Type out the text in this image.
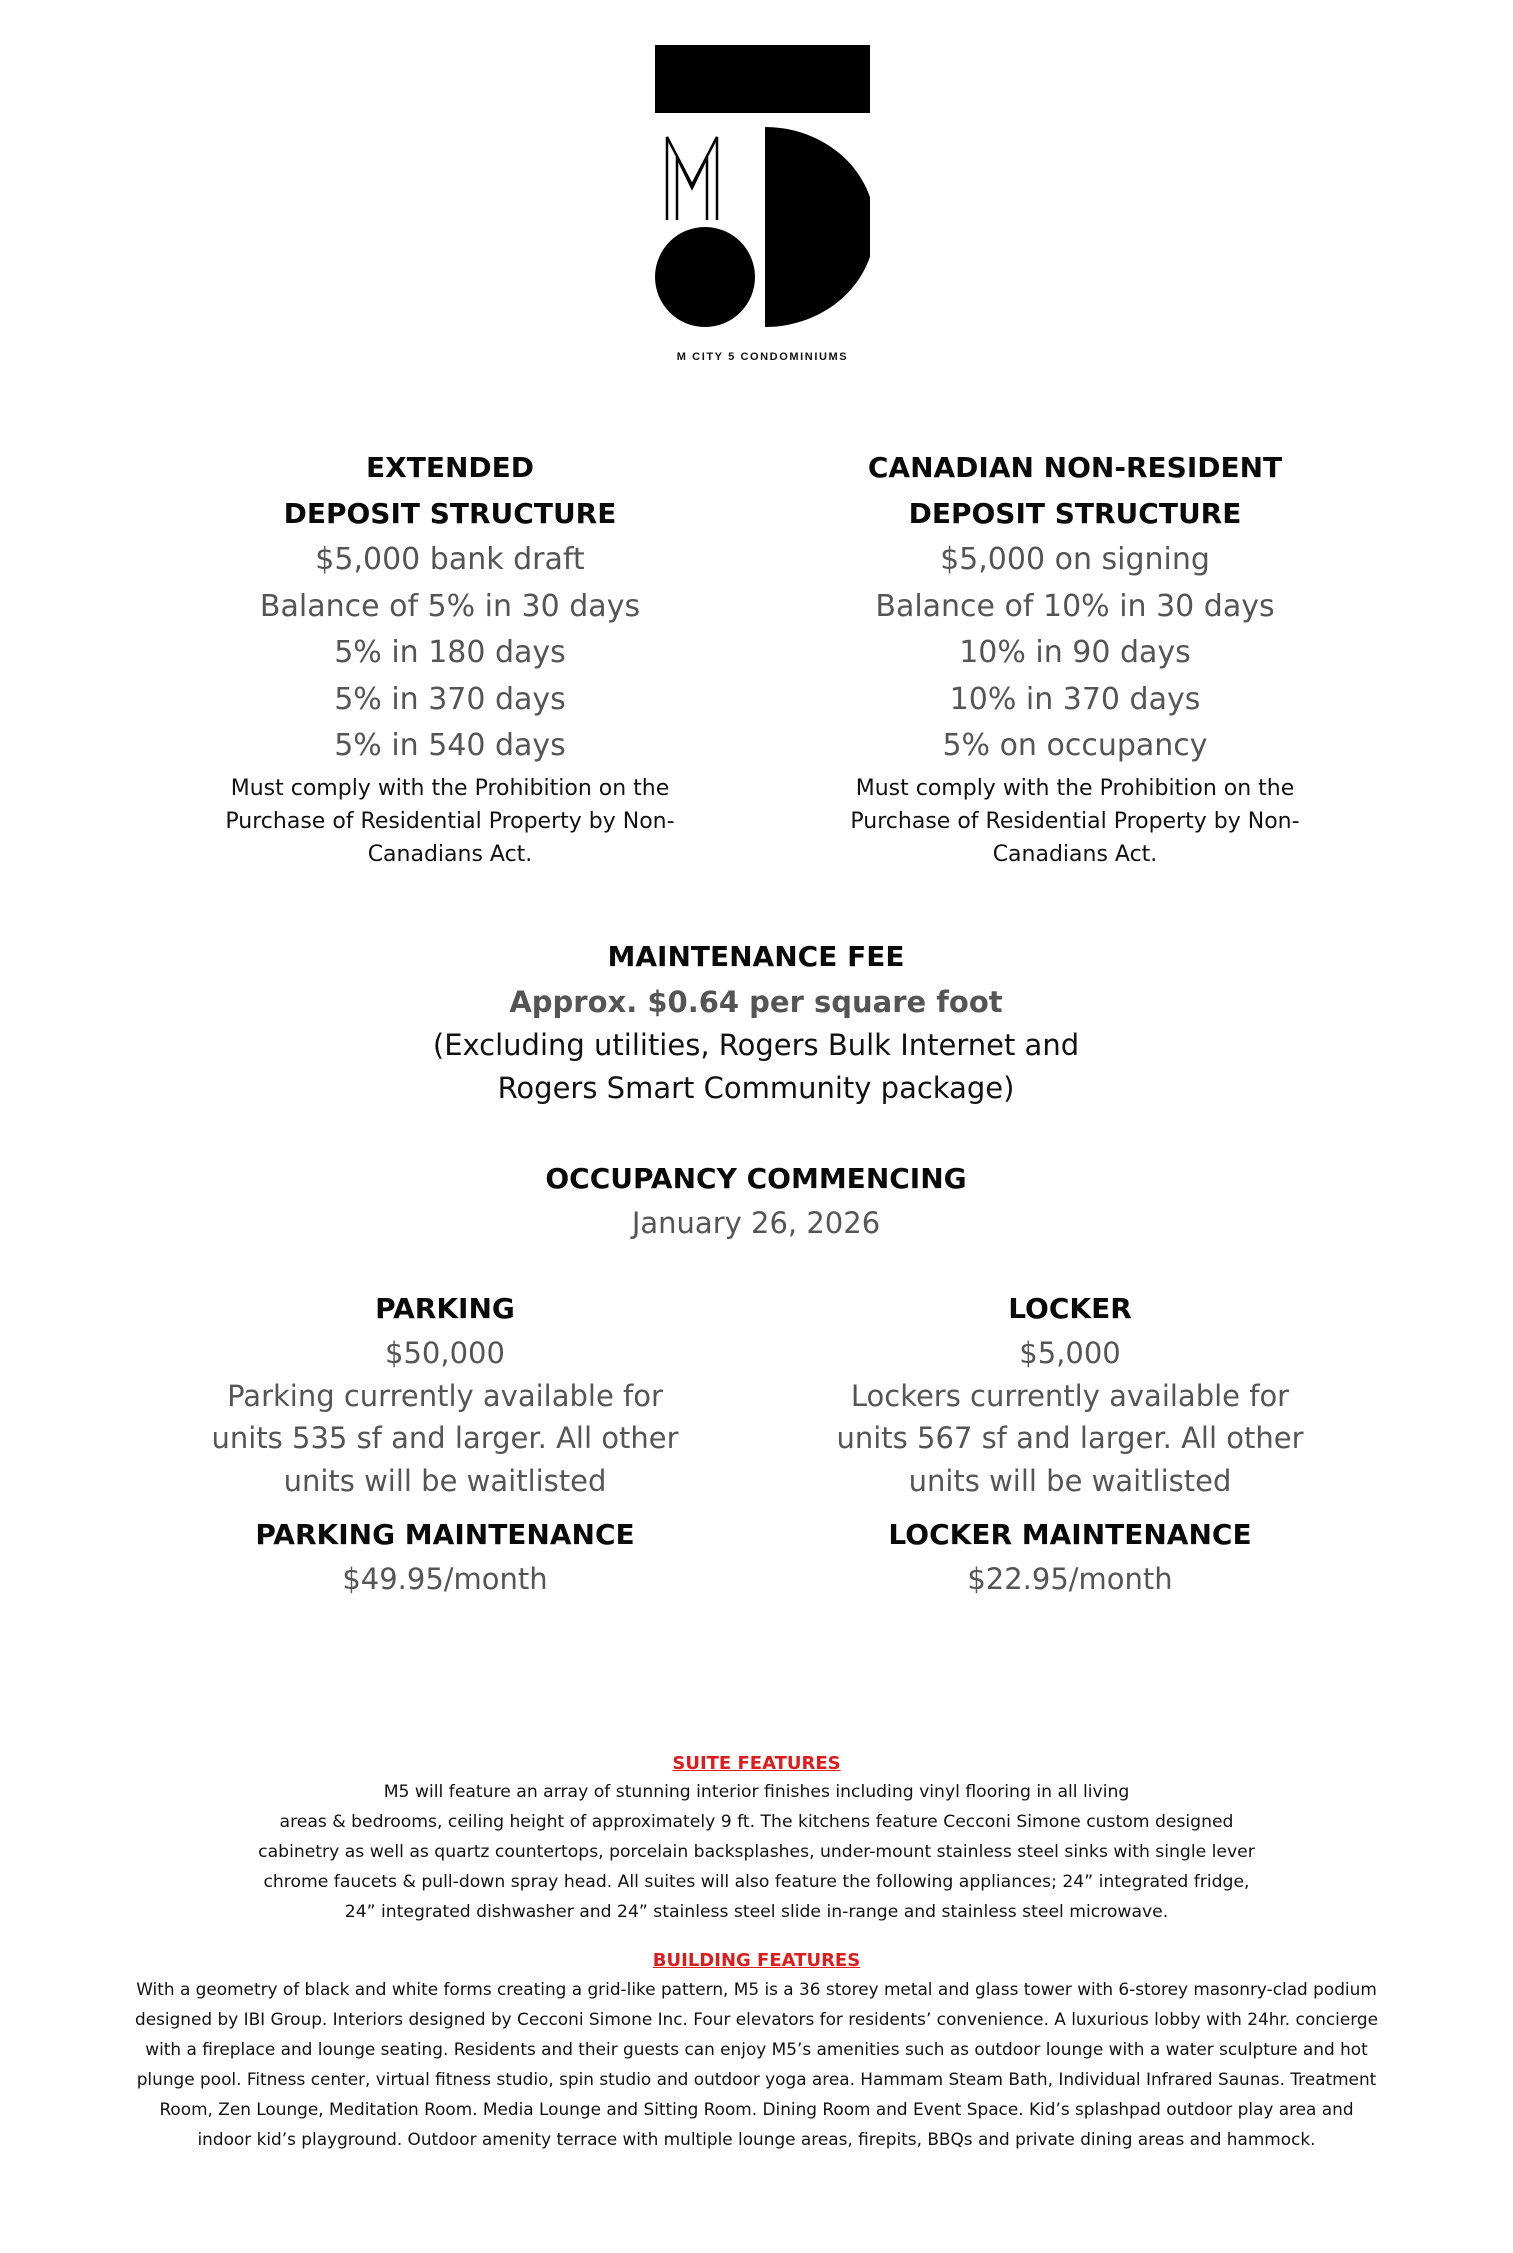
M CITY 5 CONDOMINIUMS
EXTENDED
DEPOSIT STRUCTURE
$5,000 bank draft
Balance of 5% in 30 days
5% in 180 days
5% in 370 days
5% in 540 days
Must comply with the Prohibition on the
Purchase of Residential Property by Non-
Canadians Act.
CANADIAN NON-RESIDENT
DEPOSIT STRUCTURE
$5,000 on signing
Balance of 10% in 30 days
10% in 90 days
10% in 370 days
5% on occupancy
Must comply with the Prohibition on the
Purchase of Residential Property by Non-
Canadians Act.
MAINTENANCE FEE
Approx. $0.64 per square foot
(Excluding utilities, Rogers Bulk Internet and
Rogers Smart Community package)
OCCUPANCY COMMENCING
January 26, 2026
PARKING
$50,000
Parking currently available for
units 535 sf and larger. All other
units will be waitlisted
PARKING MAINTENANCE
$49.95/month
LOCKER
$5,000
Lockers currently available for
units 567 sf and larger. All other
units will be waitlisted
LOCKER MAINTENANCE
$22.95/month
SUITE FEATURES
M5 will feature an array of stunning interior finishes including vinyl flooring in all living
areas & bedrooms, ceiling height of approximately 9 ft. The kitchens feature Cecconi Simone custom designed
cabinetry as well as quartz countertops, porcelain backsplashes, under-mount stainless steel sinks with single lever
chrome faucets & pull-down spray head. All suites will also feature the following appliances; 24” integrated fridge,
24” integrated dishwasher and 24” stainless steel slide in-range and stainless steel microwave.
BUILDING FEATURES
With a geometry of black and white forms creating a grid-like pattern, M5 is a 36 storey metal and glass tower with 6-storey masonry-clad podium
designed by IBI Group. Interiors designed by Cecconi Simone Inc. Four elevators for residents’ convenience. A luxurious lobby with 24hr. concierge
with a fireplace and lounge seating. Residents and their guests can enjoy M5’s amenities such as outdoor lounge with a water sculpture and hot
plunge pool. Fitness center, virtual fitness studio, spin studio and outdoor yoga area. Hammam Steam Bath, Individual Infrared Saunas. Treatment
Room, Zen Lounge, Meditation Room. Media Lounge and Sitting Room. Dining Room and Event Space. Kid’s splashpad outdoor play area and
indoor kid’s playground. Outdoor amenity terrace with multiple lounge areas, firepits, BBQs and private dining areas and hammock.
